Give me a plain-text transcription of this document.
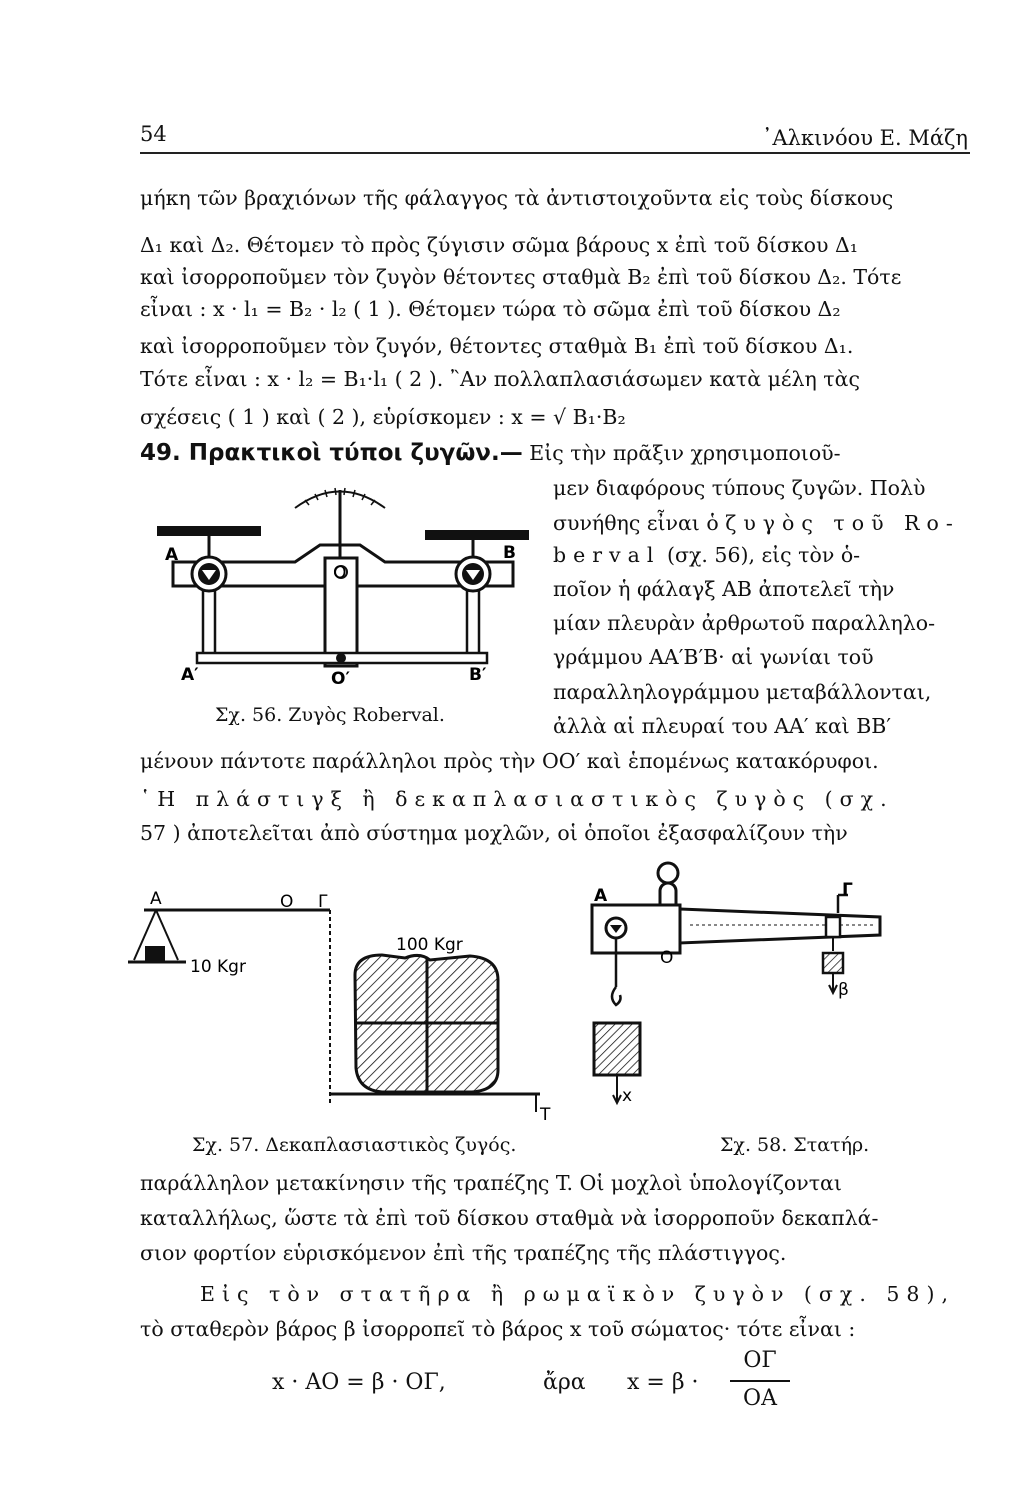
54	᾿Αλκινόου Ε. Μάζη
μήκη τῶν βραχιόνων τῆς φάλαγγος τὰ ἀντιστοιχοῦντα εἰς τοὺς δίσκους
Δ₁ καὶ Δ₂. Θέτομεν τὸ πρὸς ζύγισιν σῶμα βάρους x ἐπὶ τοῦ δίσκου Δ₁
καὶ ἰσορροποῦμεν τὸν ζυγὸν θέτοντες σταθμὰ B₂ ἐπὶ τοῦ δίσκου Δ₂. Τότε
εἶναι : x · l₁ = B₂ · l₂ ( 1 ). Θέτομεν τώρα τὸ σῶμα ἐπὶ τοῦ δίσκου Δ₂
καὶ ἰσορροποῦμεν τὸν ζυγόν, θέτοντες σταθμὰ B₁ ἐπὶ τοῦ δίσκου Δ₁.
Τότε εἶναι : x · l₂ = B₁·l₁ ( 2 ). ῍Αν πολλαπλασιάσωμεν κατὰ μέλη τὰς
σχέσεις ( 1 ) καὶ ( 2 ), εὑρίσκομεν : x = √ B₁·B₂
49. Πρακτικοὶ τύποι ζυγῶν.— Εἰς τὴν πρᾶξιν χρησιμοποιοῦ-
μεν διαφόρους τύπους ζυγῶν. Πολὺ
συνήθης εἶναι ὁ ζυγὸς τοῦ Ro-
berval (σχ. 56), εἰς τὸν ὁ-
ποῖον ἡ φάλαγξ AB ἀποτελεῖ τὴν
μίαν πλευρὰν ἀρθρωτοῦ παραλληλο-
γράμμου AA′B′B· αἱ γωνίαι τοῦ
παραλληλογράμμου μεταβάλλονται,
ἀλλὰ αἱ πλευραί του AA′ καὶ BB′
A	B
O
A′	O′	B′
Σχ. 56. Ζυγὸς Roberval.
μένουν πάντοτε παράλληλοι πρὸς τὴν OO′ καὶ ἑπομένως κατακόρυφοι.
῾Η πλάστιγξ ἢ δεκαπλασιαστικὸς ζυγὸς (σχ.
57 ) ἀποτελεῖται ἀπὸ σύστημα μοχλῶν, οἱ ὁποῖοι ἐξασφαλίζουν τὴν
A	O Γ
10 Kgr
100 Kgr
T
Σχ. 57. Δεκαπλασιαστικὸς ζυγός.
A
O
Γ
x
β
Σχ. 58. Στατήρ.
παράλληλον μετακίνησιν τῆς τραπέζης T. Οἱ μοχλοὶ ὑπολογίζονται
καταλλήλως, ὥστε τὰ ἐπὶ τοῦ δίσκου σταθμὰ νὰ ἰσορροποῦν δεκαπλά-
σιον φορτίον εὑρισκόμενον ἐπὶ τῆς τραπέζης τῆς πλάστιγγος.
Εἰς τὸν στατῆρα ἢ ρωμαϊκὸν ζυγὸν (σχ. 58),
τὸ σταθερὸν βάρος β ἰσορροπεῖ τὸ βάρος x τοῦ σώματος· τότε εἶναι :
x · AO = β · OΓ,	ἄρα x = β ·
OΓ
OA
